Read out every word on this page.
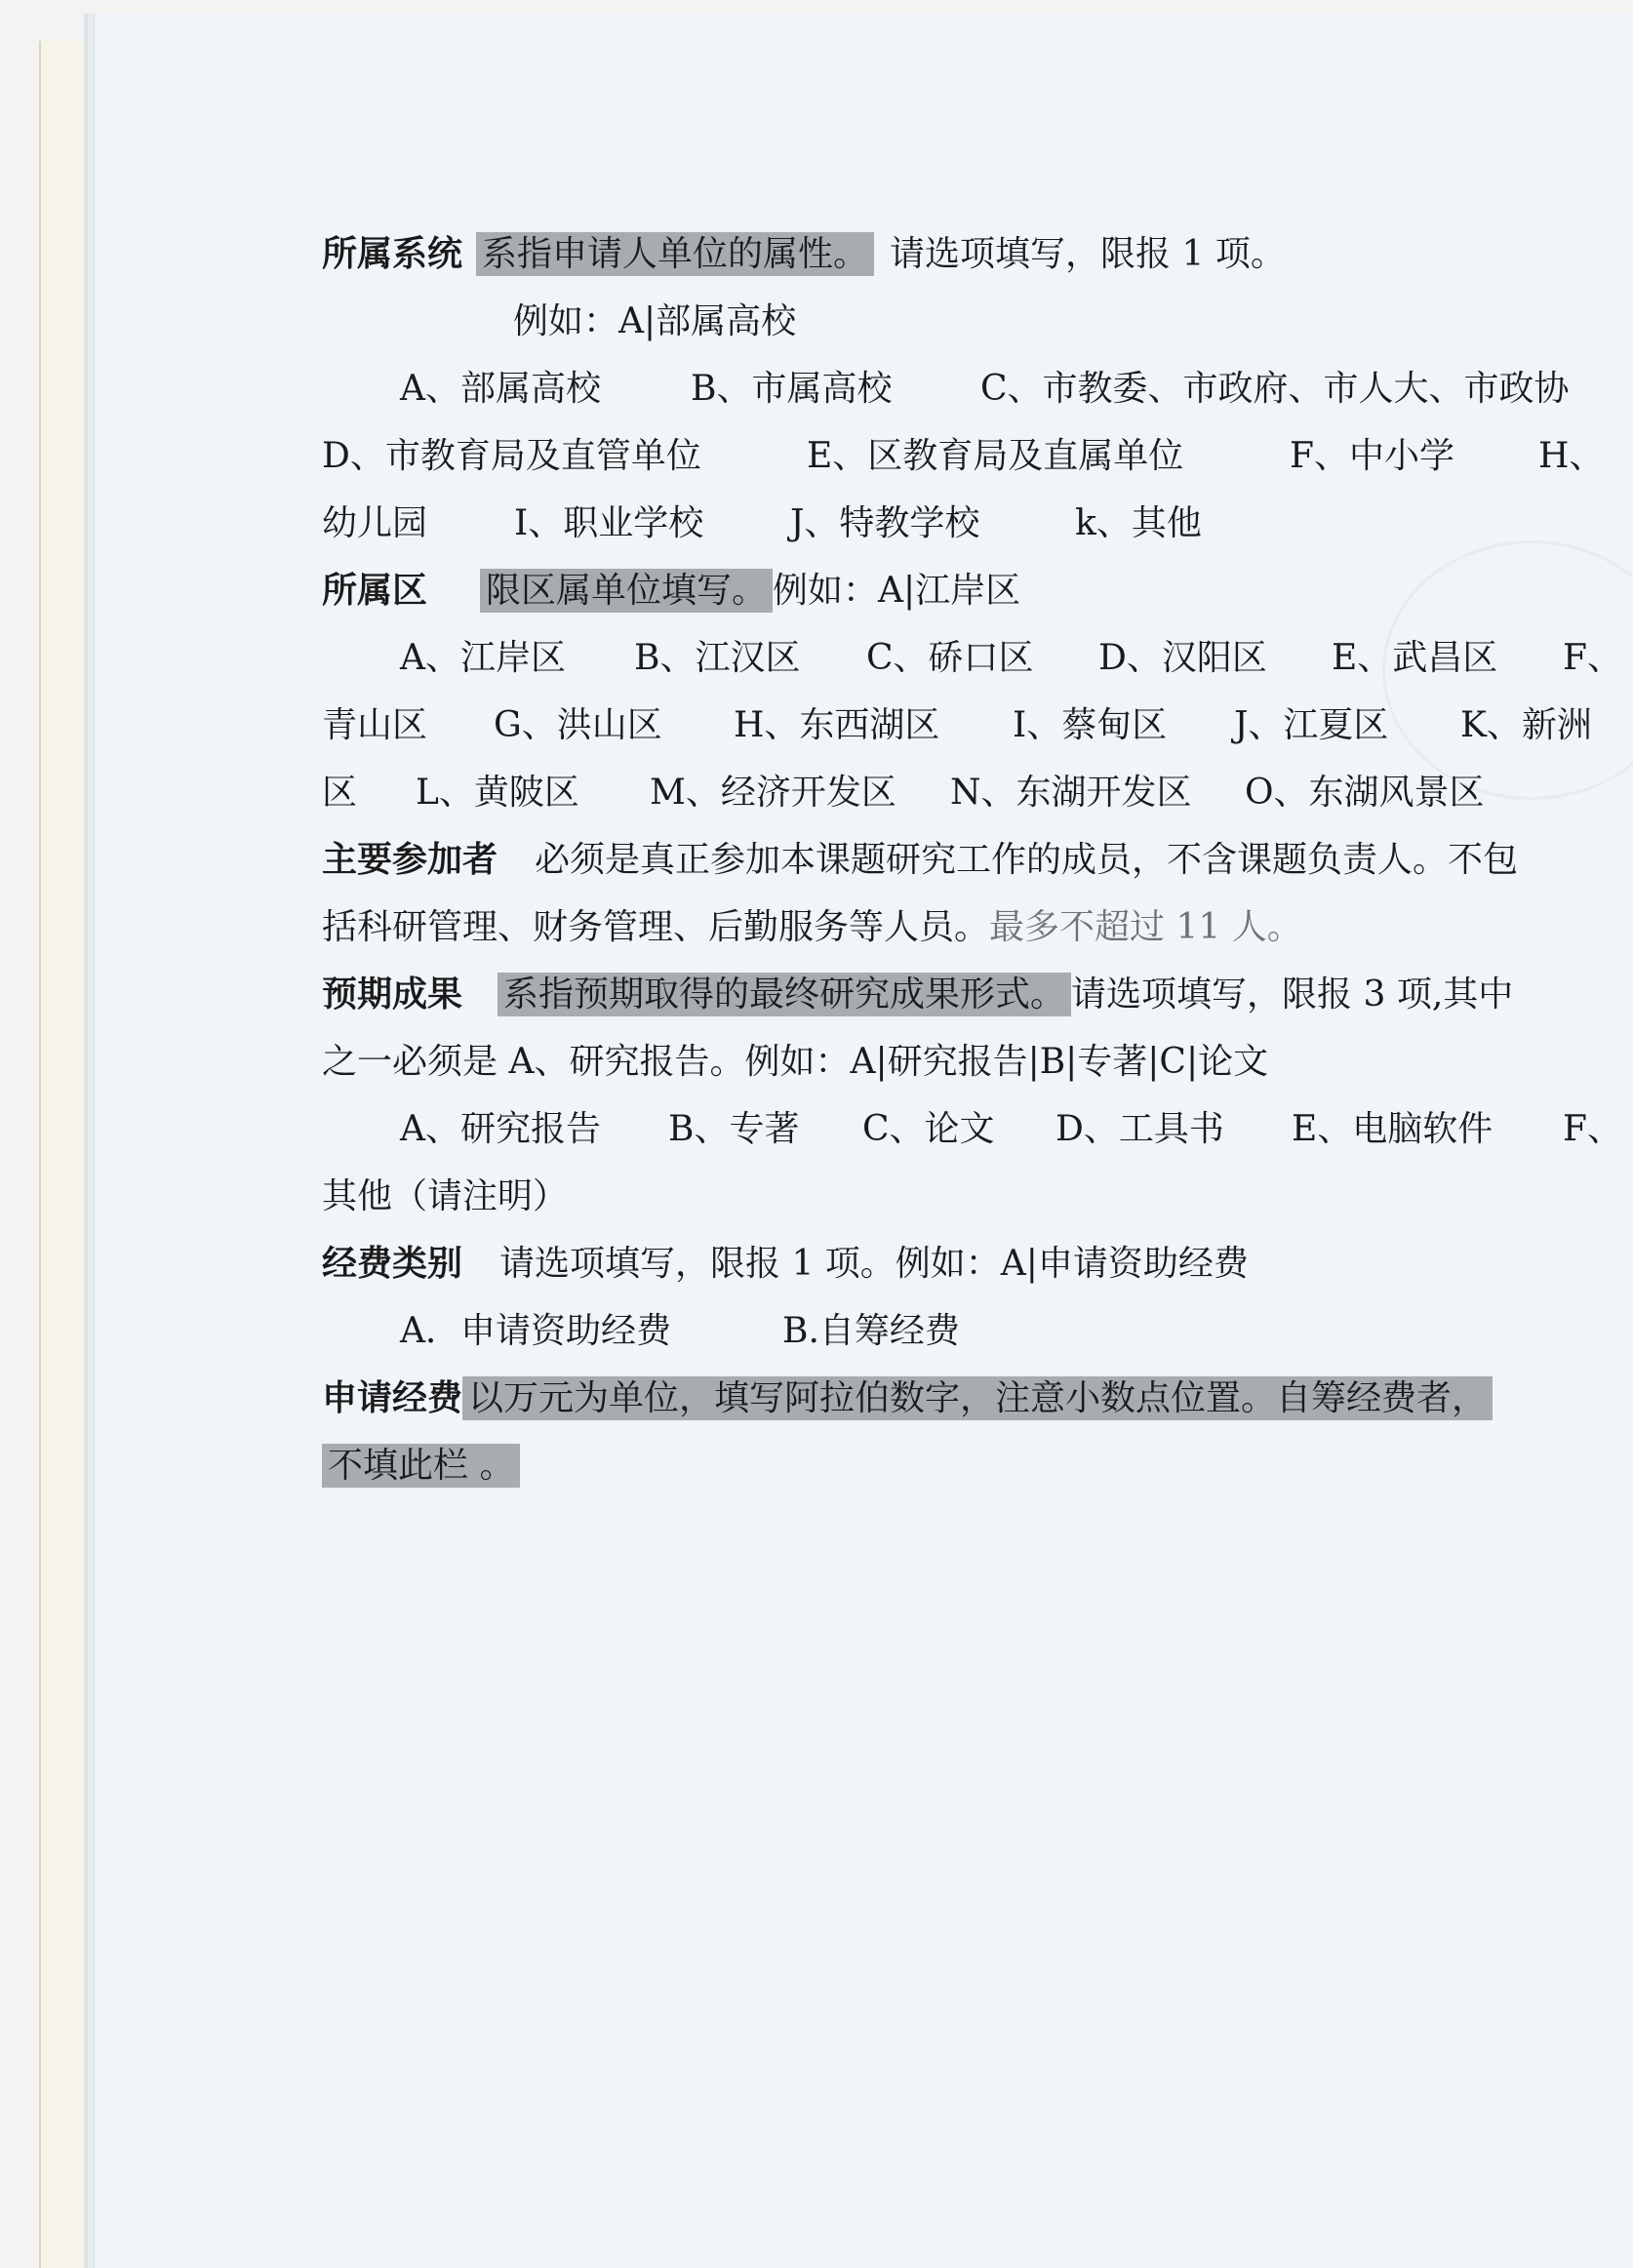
所属系统 系指申请人单位的属性。 请选项填写，限报 1 项。
例如：A|部属高校
A、部属高校	B、市属高校	C、市教委、市政府、市人大、市政协
D、市教育局及直管单位	E、区教育局及直属单位	F、中小学 H、
幼儿园 I、职业学校 J、特教学校	k、其他
所属区 限区属单位填写。 例如：A|江岸区
A、江岸区 B、江汉区 C、硚口区 D、汉阳区 E、武昌区 F、
青山区 G、洪山区 H、东西湖区 I、蔡甸区 J、江夏区 K、新洲
区 L、黄陂区 M、经济开发区 N、东湖开发区 O、东湖风景区
主要参加者 必须是真正参加本课题研究工作的成员，不含课题负责人。不包
括科研管理、财务管理、后勤服务等人员。最多不超过 11 人。
预期成果 系指预期取得的最终研究成果形式。 请选项填写，限报 3 项,其中
之一必须是 A、研究报告。例如：A|研究报告|B|专著|C|论文
A、研究报告 B、专著 C、论文 D、工具书 E、电脑软件 F、
其他（请注明）
经费类别 请选项填写，限报 1 项。例如：A|申请资助经费
A．申请资助经费	B.自筹经费
申请经费 以万元为单位，填写阿拉伯数字，注意小数点位置。自筹经费者，
不填此栏 。
